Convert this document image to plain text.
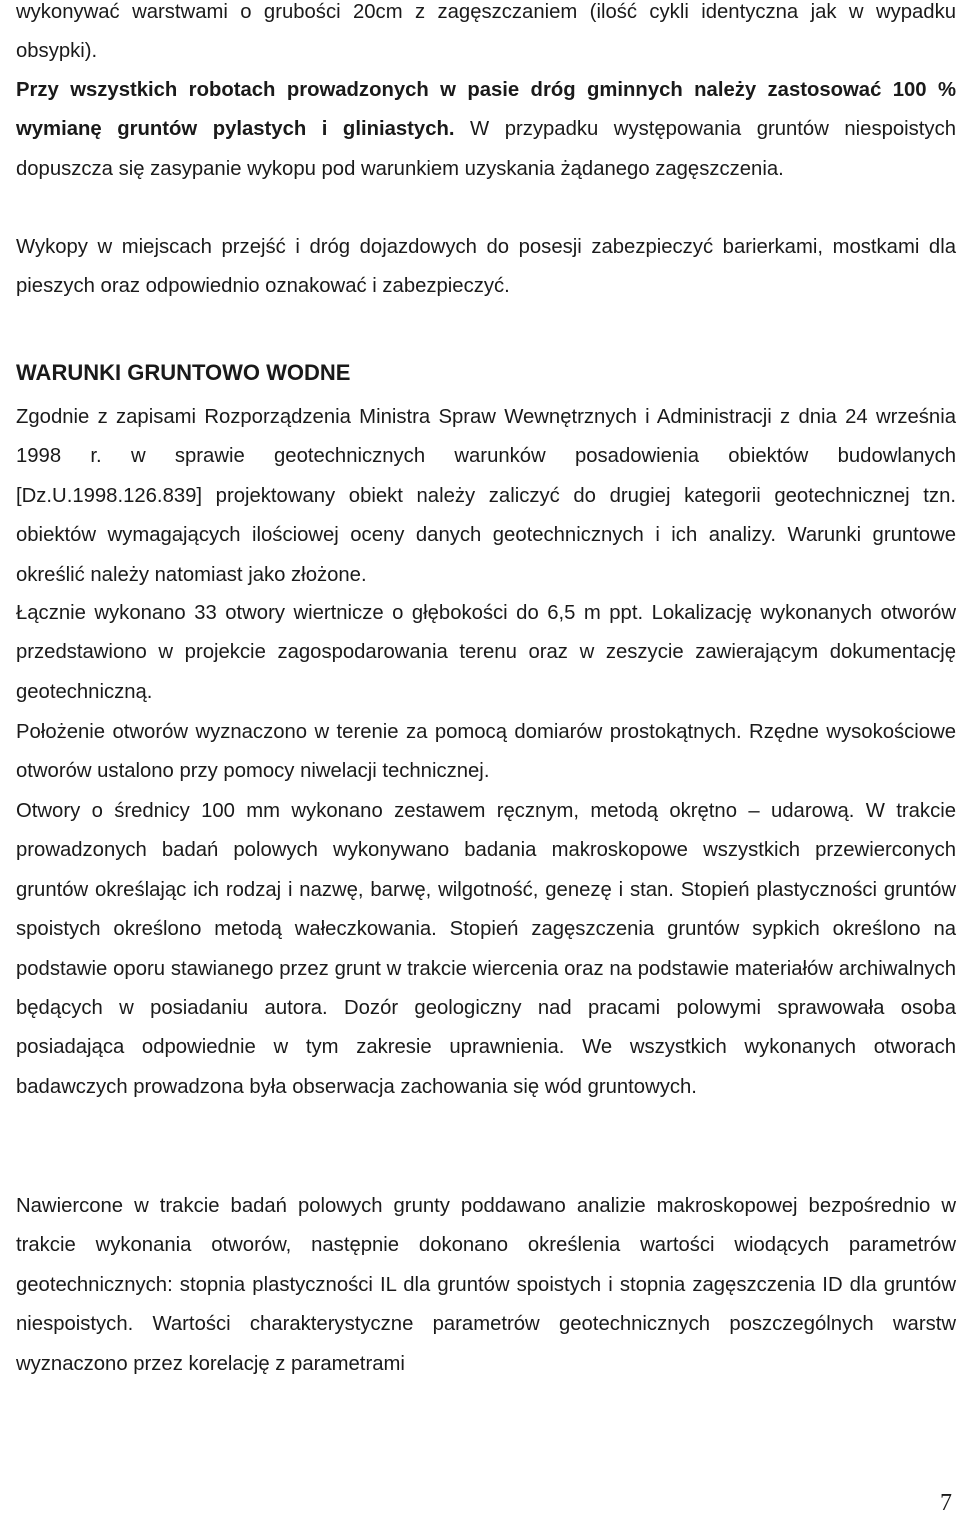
wykonywać warstwami o grubości 20cm z zagęszczaniem (ilość cykli identyczna jak w wypadku obsypki).

Przy wszystkich robotach prowadzonych w pasie dróg gminnych należy zastosować 100 % wymianę gruntów pylastych i gliniastych. W przypadku występowania gruntów niespoistych dopuszcza się zasypanie wykopu pod warunkiem uzyskania żądanego zagęszczenia.

Wykopy w miejscach przejść i dróg dojazdowych do posesji zabezpieczyć barierkami, mostkami dla pieszych oraz odpowiednio oznakować i zabezpieczyć.

WARUNKI GRUNTOWO WODNE

Zgodnie z zapisami Rozporządzenia Ministra Spraw Wewnętrznych i Administracji z dnia 24 września 1998 r. w sprawie geotechnicznych warunków posadowienia obiektów budowlanych [Dz.U.1998.126.839] projektowany obiekt należy zaliczyć do drugiej kategorii geotechnicznej tzn. obiektów wymagających ilościowej oceny danych geotechnicznych i ich analizy. Warunki gruntowe określić należy natomiast jako złożone.

Łącznie wykonano 33 otwory wiertnicze o głębokości do 6,5 m ppt. Lokalizację wykonanych otworów przedstawiono w projekcie zagospodarowania terenu oraz w zeszycie zawierającym dokumentację geotechniczną.

Położenie otworów wyznaczono w terenie za pomocą domiarów prostokątnych. Rzędne wysokościowe otworów ustalono przy pomocy niwelacji technicznej.

Otwory o średnicy 100 mm wykonano zestawem ręcznym, metodą okrętno – udarową. W trakcie prowadzonych badań polowych wykonywano badania makroskopowe wszystkich przewierconych gruntów określając ich rodzaj i nazwę, barwę, wilgotność, genezę i stan. Stopień plastyczności gruntów spoistych określono metodą wałeczkowania. Stopień zagęszczenia gruntów sypkich określono na podstawie oporu stawianego przez grunt w trakcie wiercenia oraz na podstawie materiałów archiwalnych będących w posiadaniu autora. Dozór geologiczny nad pracami polowymi sprawowała osoba posiadająca odpowiednie w tym zakresie uprawnienia. We wszystkich wykonanych otworach badawczych prowadzona była obserwacja zachowania się wód gruntowych.

Nawiercone w trakcie badań polowych grunty poddawano analizie makroskopowej bezpośrednio w trakcie wykonania otworów, następnie dokonano określenia wartości wiodących parametrów geotechnicznych: stopnia plastyczności IL dla gruntów spoistych i stopnia zagęszczenia ID dla gruntów niespoistych. Wartości charakterystyczne parametrów geotechnicznych poszczególnych warstw wyznaczono przez korelację z parametrami

7
